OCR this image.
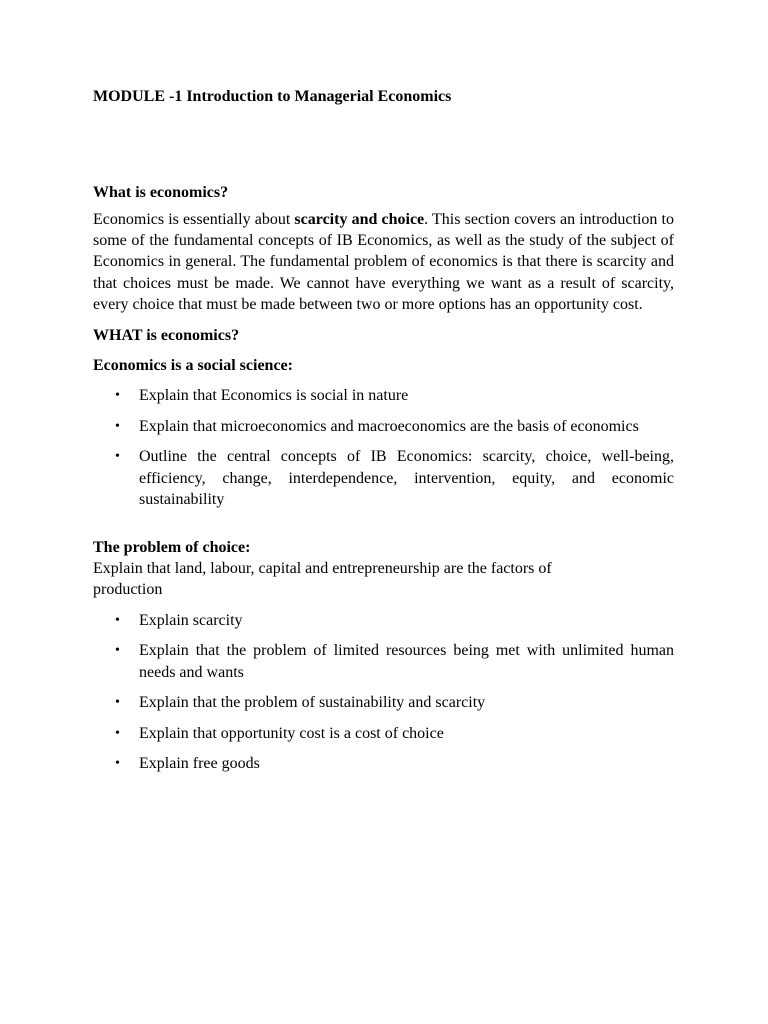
MODULE -1 Introduction to Managerial Economics

What is economics?

Economics is essentially about scarcity and choice. This section covers an introduction to some of the fundamental concepts of IB Economics, as well as the study of the subject of Economics in general. The fundamental problem of economics is that there is scarcity and that choices must be made. We cannot have everything we want as a result of scarcity, every choice that must be made between two or more options has an opportunity cost.

WHAT is economics?

Economics is a social science:

• Explain that Economics is social in nature
• Explain that microeconomics and macroeconomics are the basis of economics
• Outline the central concepts of IB Economics: scarcity, choice, well-being, efficiency, change, interdependence, intervention, equity, and economic sustainability

The problem of choice:

Explain that land, labour, capital and entrepreneurship are the factors of production

• Explain scarcity
• Explain that the problem of limited resources being met with unlimited human needs and wants
• Explain that the problem of sustainability and scarcity
• Explain that opportunity cost is a cost of choice
• Explain free goods
